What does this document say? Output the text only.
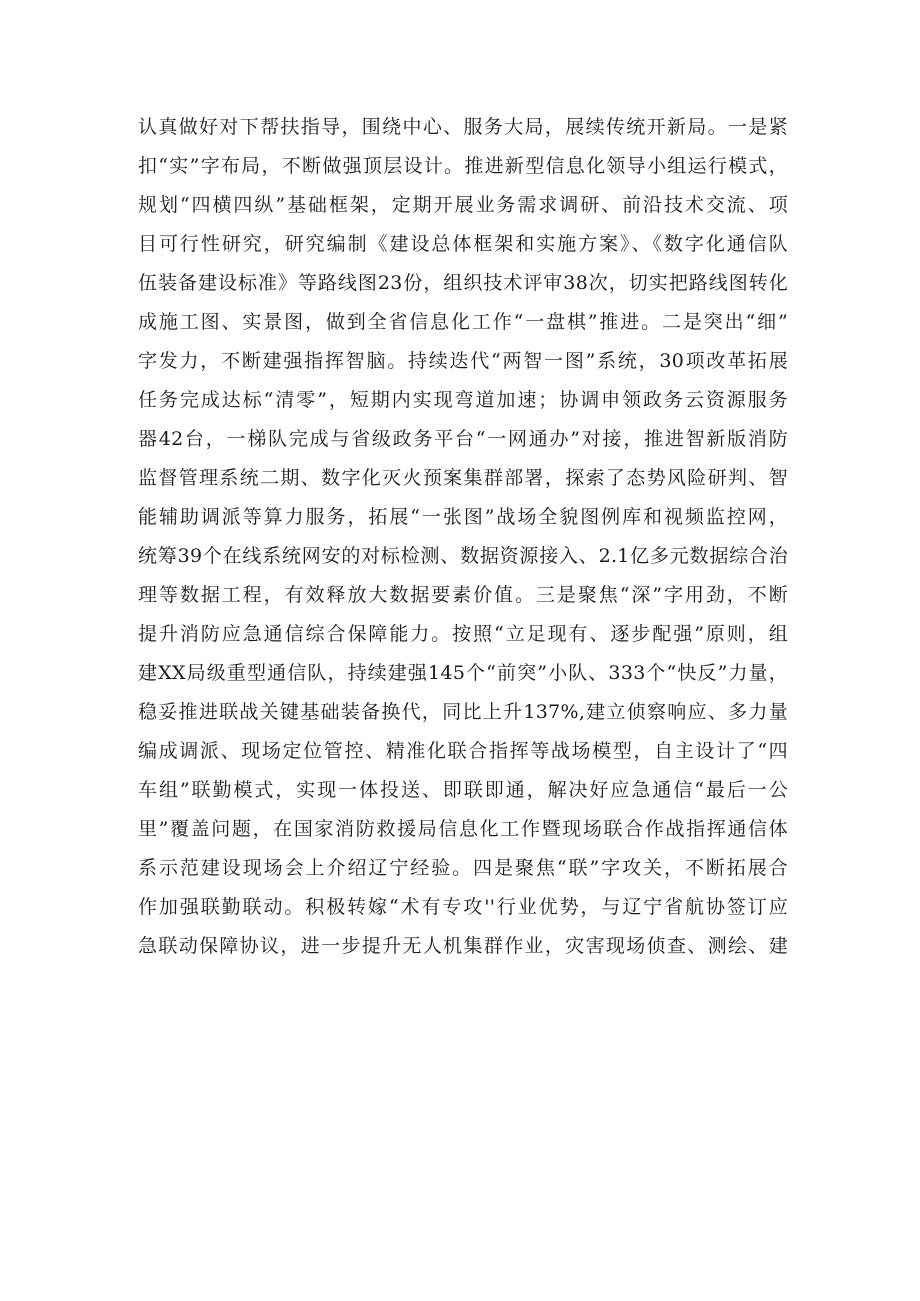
认真做好对下帮扶指导，围绕中心、服务大局，展续传统开新局。一是紧
扣“实”字布局，不断做强顶层设计。推进新型信息化领导小组运行模式，
规划“四横四纵”基础框架，定期开展业务需求调研、前沿技术交流、项
目可行性研究，研究编制《建设总体框架和实施方案》、《数字化通信队
伍装备建设标准》等路线图23份，组织技术评审38次，切实把路线图转化
成施工图、实景图，做到全省信息化工作“一盘棋”推进。二是突出“细”
字发力，不断建强指挥智脑。持续迭代“两智一图”系统，30项改革拓展
任务完成达标“清零”，短期内实现弯道加速；协调申领政务云资源服务
器42台，一梯队完成与省级政务平台“一网通办”对接，推进智新版消防
监督管理系统二期、数字化灭火预案集群部署，探索了态势风险研判、智
能辅助调派等算力服务，拓展“一张图”战场全貌图例库和视频监控网，
统筹39个在线系统网安的对标检测、数据资源接入、2.1亿多元数据综合治
理等数据工程，有效释放大数据要素价值。三是聚焦“深”字用劲，不断
提升消防应急通信综合保障能力。按照“立足现有、逐步配强”原则，组
建XX局级重型通信队，持续建强145个“前突”小队、333个“快反”力量，
稳妥推进联战关键基础装备换代，同比上升137%,建立侦察响应、多力量
编成调派、现场定位管控、精准化联合指挥等战场模型，自主设计了“四
车组”联勤模式，实现一体投送、即联即通，解决好应急通信“最后一公
里”覆盖问题，在国家消防救援局信息化工作暨现场联合作战指挥通信体
系示范建设现场会上介绍辽宁经验。四是聚焦“联”字攻关，不断拓展合
作加强联勤联动。积极转嫁“术有专攻''行业优势，与辽宁省航协签订应
急联动保障协议，进一步提升无人机集群作业，灾害现场侦查、测绘、建
